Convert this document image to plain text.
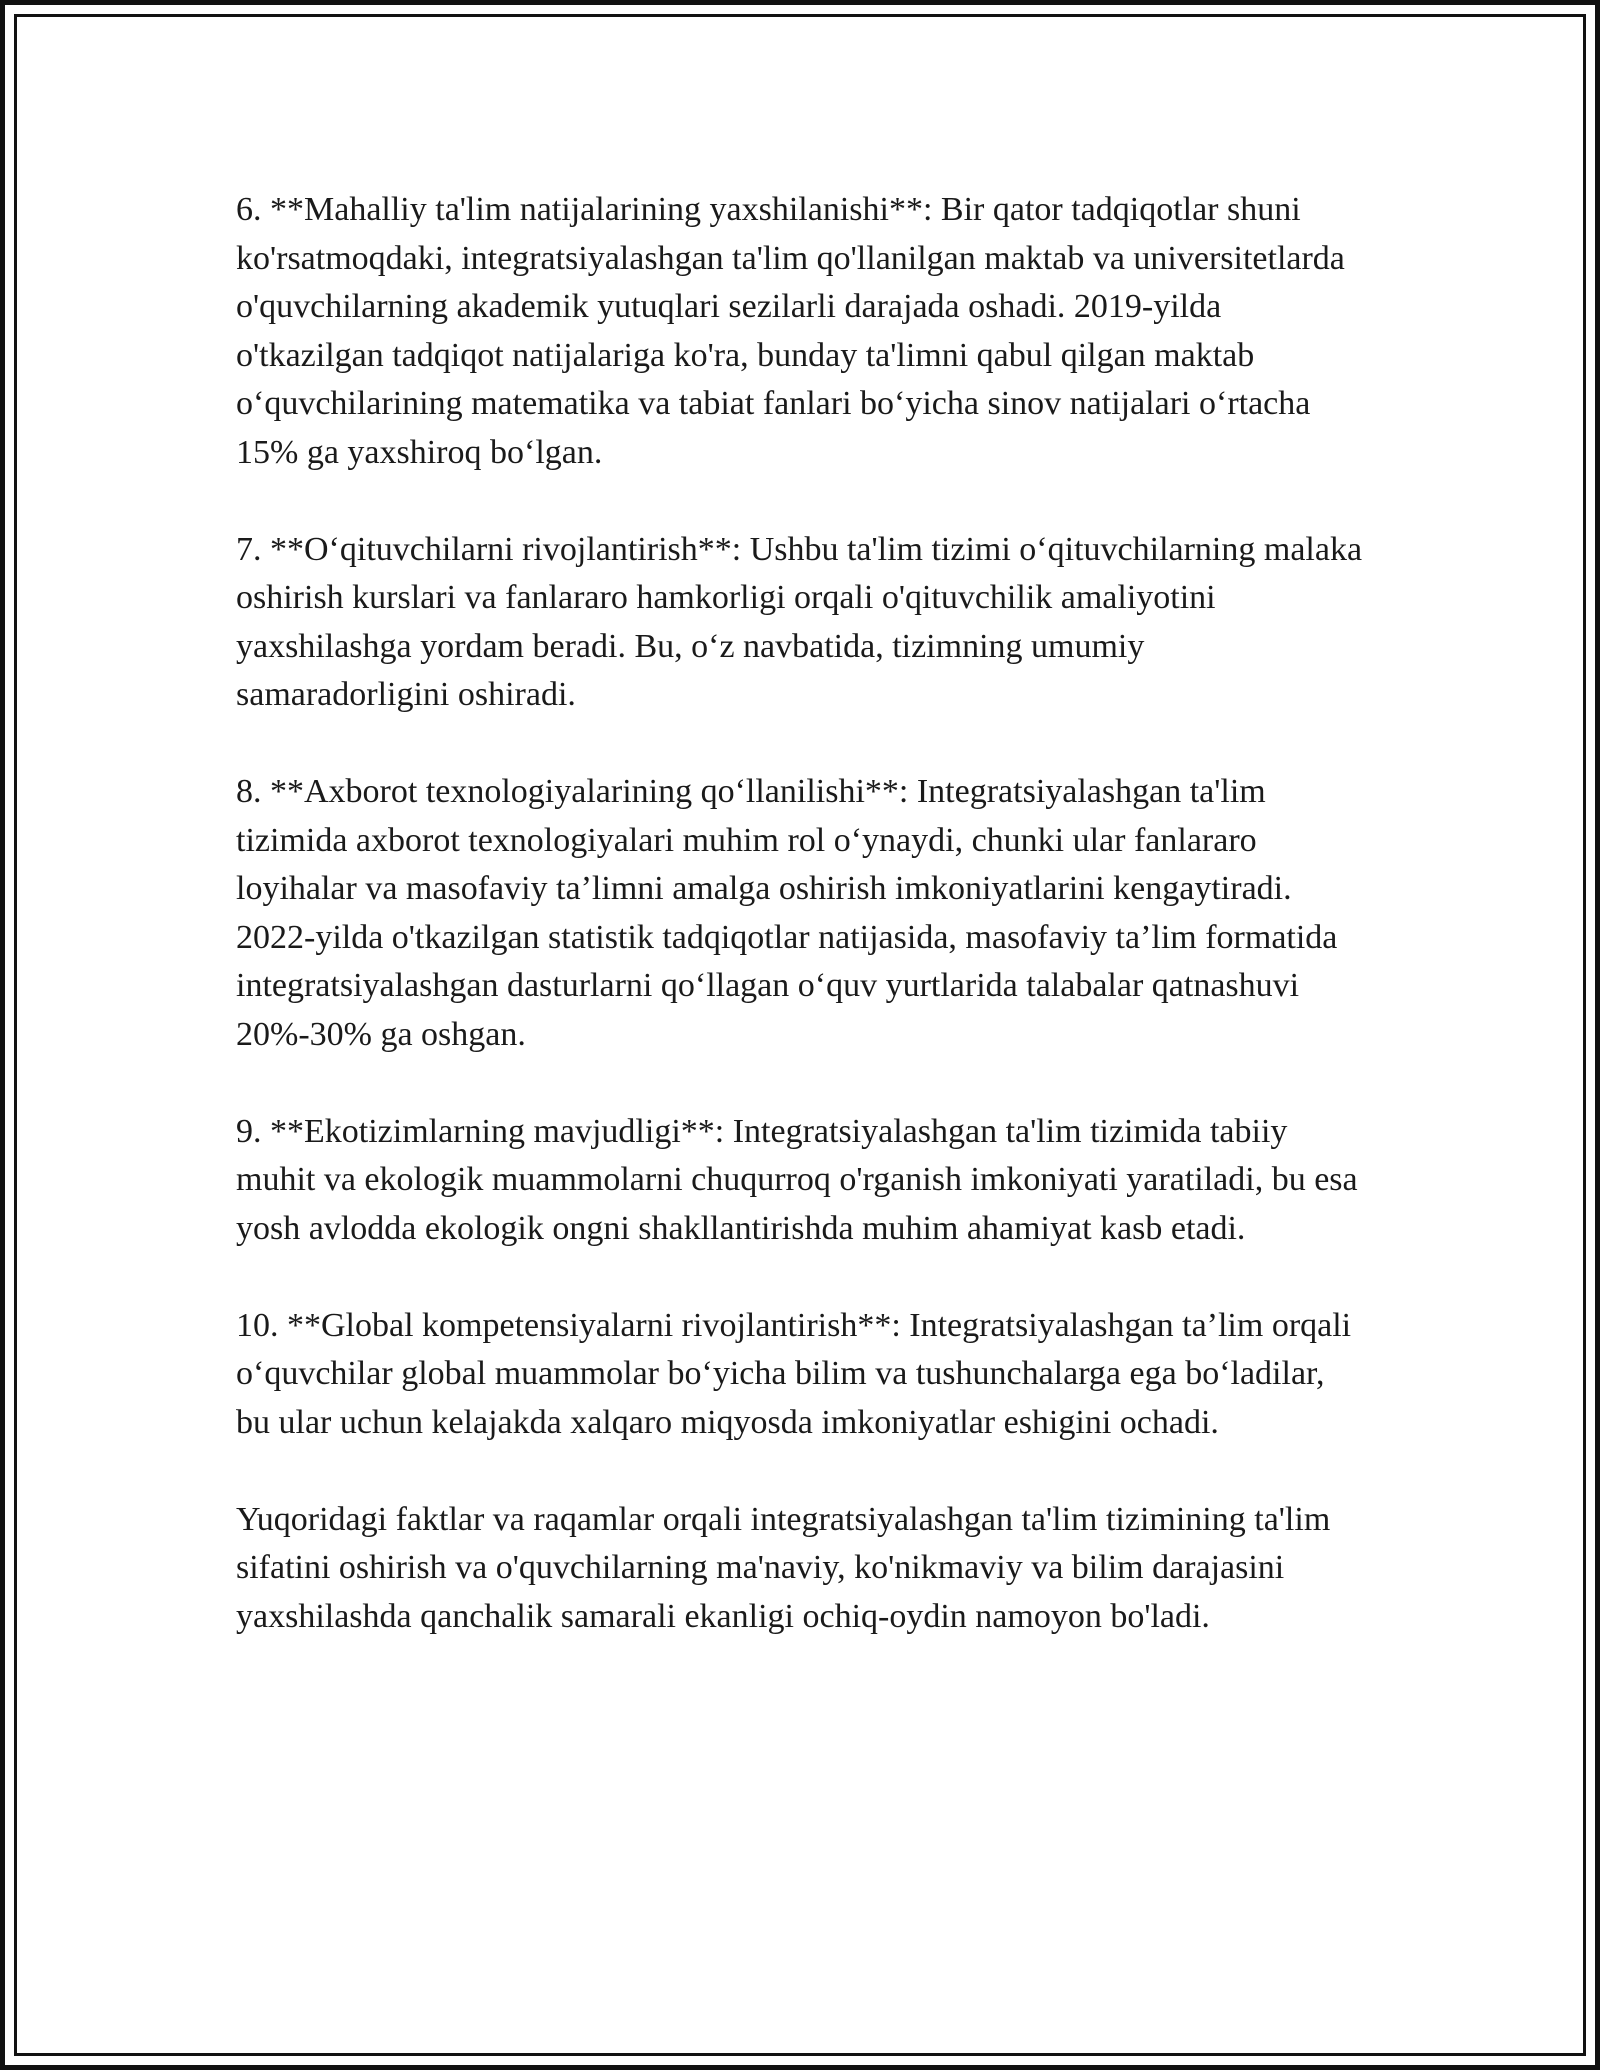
6. **Mahalliy ta'lim natijalarining yaxshilanishi**: Bir qator tadqiqotlar shuni ko'rsatmoqdaki, integratsiyalashgan ta'lim qo'llanilgan maktab va universitetlarda o'quvchilarning akademik yutuqlari sezilarli darajada oshadi. 2019-yilda o'tkazilgan tadqiqot natijalariga ko'ra, bunday ta'limni qabul qilgan maktab o‘quvchilarining matematika va tabiat fanlari bo‘yicha sinov natijalari o‘rtacha 15% ga yaxshiroq bo‘lgan.

7. **O‘qituvchilarni rivojlantirish**: Ushbu ta'lim tizimi o‘qituvchilarning malaka oshirish kurslari va fanlararo hamkorligi orqali o'qituvchilik amaliyotini yaxshilashga yordam beradi. Bu, o‘z navbatida, tizimning umumiy samaradorligini oshiradi.

8. **Axborot texnologiyalarining qo‘llanilishi**: Integratsiyalashgan ta'lim tizimida axborot texnologiyalari muhim rol o‘ynaydi, chunki ular fanlararo loyihalar va masofaviy ta’limni amalga oshirish imkoniyatlarini kengaytiradi. 2022-yilda o'tkazilgan statistik tadqiqotlar natijasida, masofaviy ta’lim formatida integratsiyalashgan dasturlarni qo‘llagan o‘quv yurtlarida talabalar qatnashuvi 20%-30% ga oshgan.

9. **Ekotizimlarning mavjudligi**: Integratsiyalashgan ta'lim tizimida tabiiy muhit va ekologik muammolarni chuqurroq o'rganish imkoniyati yaratiladi, bu esa yosh avlodda ekologik ongni shakllantirishda muhim ahamiyat kasb etadi.

10. **Global kompetensiyalarni rivojlantirish**: Integratsiyalashgan ta’lim orqali o‘quvchilar global muammolar bo‘yicha bilim va tushunchalarga ega bo‘ladilar, bu ular uchun kelajakda xalqaro miqyosda imkoniyatlar eshigini ochadi.

Yuqoridagi faktlar va raqamlar orqali integratsiyalashgan ta'lim tizimining ta'lim sifatini oshirish va o'quvchilarning ma'naviy, ko'nikmaviy va bilim darajasini yaxshilashda qanchalik samarali ekanligi ochiq-oydin namoyon bo'ladi.
